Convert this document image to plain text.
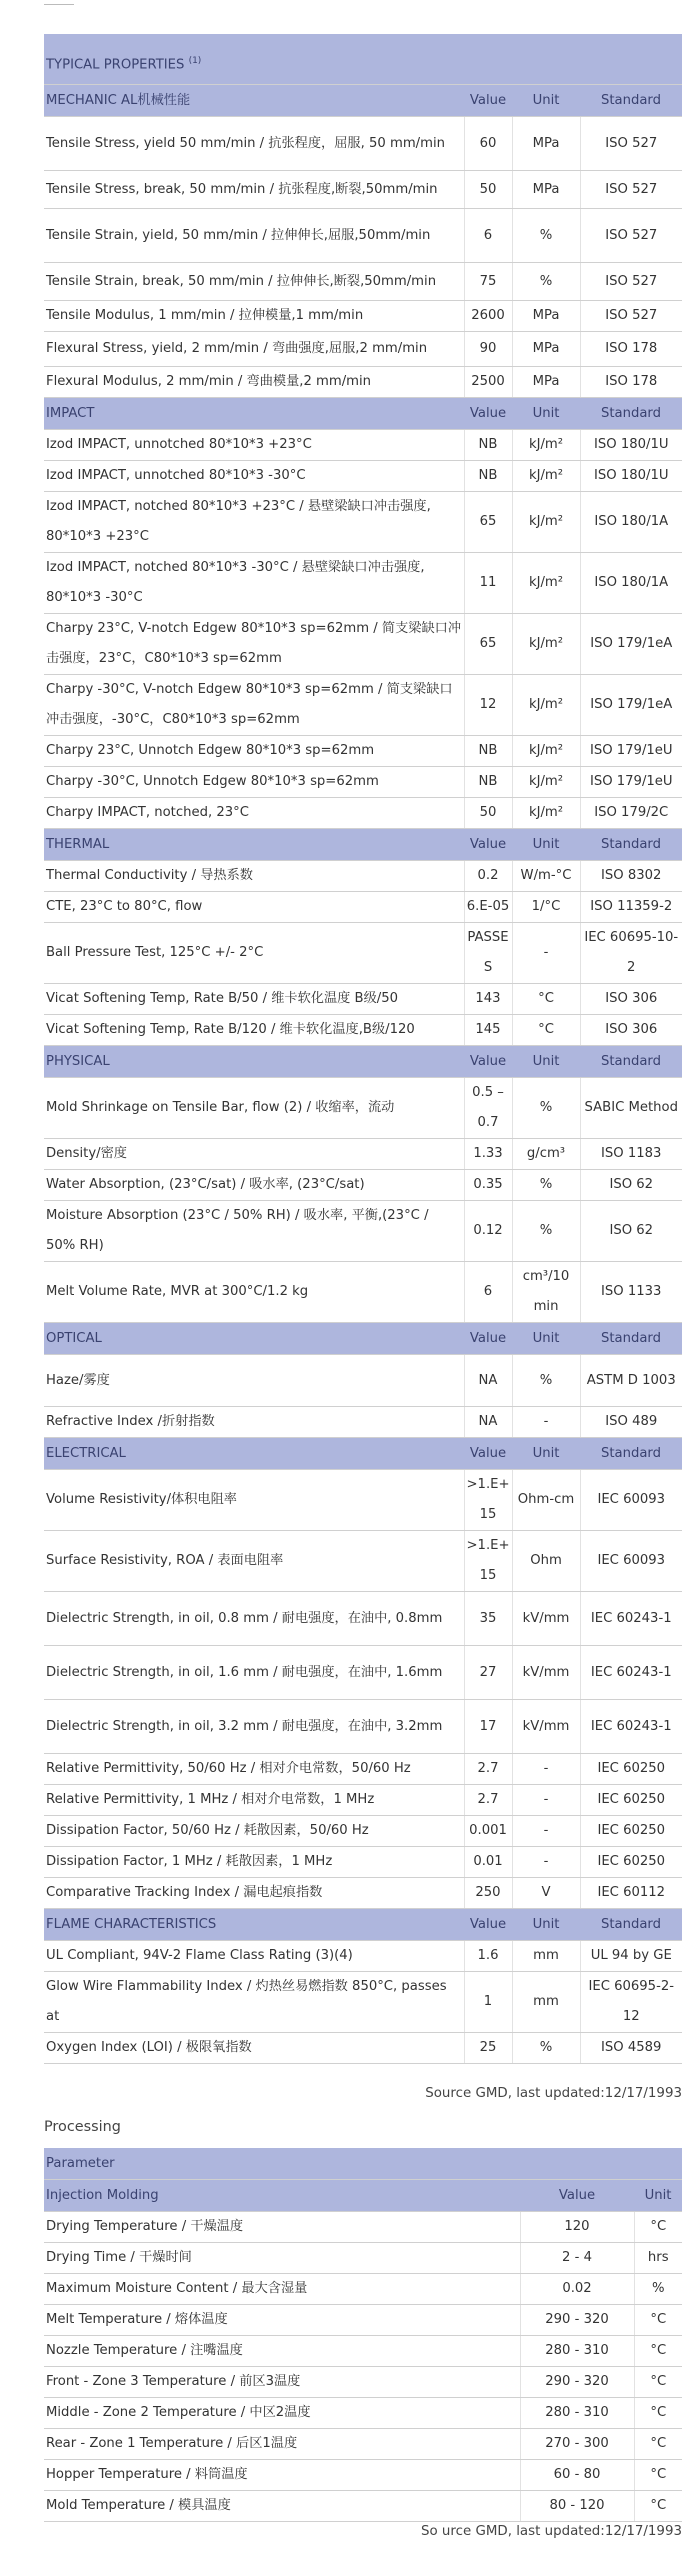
TYPICAL PROPERTIES $^{(1)}$
MECHANIC AL机械性能	Value	Unit	Standard
Tensile Stress, yield 50 mm/min / 抗张程度，屈服, 50 mm/min	60	MPa	ISO 527
Tensile Stress, break, 50 mm/min / 抗张程度,断裂,50mm/min	50	MPa	ISO 527
Tensile Strain, yield, 50 mm/min / 拉伸伸长,屈服,50mm/min	6	%	ISO 527
Tensile Strain, break, 50 mm/min / 拉伸伸长,断裂,50mm/min	75	%	ISO 527
Tensile Modulus, 1 mm/min / 拉伸模量,1 mm/min	2600	MPa	ISO 527
Flexural Stress, yield, 2 mm/min / 弯曲强度,屈服,2 mm/min	90	MPa	ISO 178
Flexural Modulus, 2 mm/min / 弯曲模量,2 mm/min	2500	MPa	ISO 178
IMPACT	Value	Unit	Standard
Izod IMPACT, unnotched 80*10*3 +23°C	NB	kJ/m²	ISO 180/1U
Izod IMPACT, unnotched 80*10*3 -30°C	NB	kJ/m²	ISO 180/1U
Izod IMPACT, notched 80*10*3 +23°C / 悬壁梁缺口冲击强度, 80*10*3 +23°C	65	kJ/m²	ISO 180/1A
Izod IMPACT, notched 80*10*3 -30°C / 悬壁梁缺口冲击强度, 80*10*3 -30°C	11	kJ/m²	ISO 180/1A
Charpy 23°C, V-notch Edgew 80*10*3 sp=62mm / 简支梁缺口冲击强度，23°C，C80*10*3 sp=62mm	65	kJ/m²	ISO 179/1eA
Charpy -30°C, V-notch Edgew 80*10*3 sp=62mm / 简支梁缺口冲击强度，-30°C，C80*10*3 sp=62mm	12	kJ/m²	ISO 179/1eA
Charpy 23°C, Unnotch Edgew 80*10*3 sp=62mm	NB	kJ/m²	ISO 179/1eU
Charpy -30°C, Unnotch Edgew 80*10*3 sp=62mm	NB	kJ/m²	ISO 179/1eU
Charpy IMPACT, notched, 23°C	50	kJ/m²	ISO 179/2C
THERMAL	Value	Unit	Standard
Thermal Conductivity / 导热系数	0.2	W/m-°C	ISO 8302
CTE, 23°C to 80°C, flow	6.E-05	1/°C	ISO 11359-2
Ball Pressure Test, 125°C +/- 2°C	PASSES	-	IEC 60695-10-2
Vicat Softening Temp, Rate B/50 / 维卡软化温度 B级/50	143	°C	ISO 306
Vicat Softening Temp, Rate B/120 / 维卡软化温度,B级/120	145	°C	ISO 306
PHYSICAL	Value	Unit	Standard
Mold Shrinkage on Tensile Bar, flow (2) / 收缩率，流动	0.5 – 0.7	%	SABIC Method
Density/密度	1.33	g/cm³	ISO 1183
Water Absorption, (23°C/sat) / 吸水率, (23°C/sat)	0.35	%	ISO 62
Moisture Absorption (23°C / 50% RH) / 吸水率, 平衡,(23°C / 50% RH)	0.12	%	ISO 62
Melt Volume Rate, MVR at 300°C/1.2 kg	6	cm³/10 min	ISO 1133
OPTICAL	Value	Unit	Standard
Haze/雾度	NA	%	ASTM D 1003
Refractive Index /折射指数	NA	-	ISO 489
ELECTRICAL	Value	Unit	Standard
Volume Resistivity/体积电阻率	>1.E+15	Ohm-cm	IEC 60093
Surface Resistivity, ROA / 表面电阻率	>1.E+15	Ohm	IEC 60093
Dielectric Strength, in oil, 0.8 mm / 耐电强度，在油中, 0.8mm	35	kV/mm	IEC 60243-1
Dielectric Strength, in oil, 1.6 mm / 耐电强度，在油中, 1.6mm	27	kV/mm	IEC 60243-1
Dielectric Strength, in oil, 3.2 mm / 耐电强度，在油中, 3.2mm	17	kV/mm	IEC 60243-1
Relative Permittivity, 50/60 Hz / 相对介电常数，50/60 Hz	2.7	-	IEC 60250
Relative Permittivity, 1 MHz / 相对介电常数，1 MHz	2.7	-	IEC 60250
Dissipation Factor, 50/60 Hz / 耗散因素，50/60 Hz	0.001	-	IEC 60250
Dissipation Factor, 1 MHz / 耗散因素，1 MHz	0.01	-	IEC 60250
Comparative Tracking Index / 漏电起痕指数	250	V	IEC 60112
FLAME CHARACTERISTICS	Value	Unit	Standard
UL Compliant, 94V-2 Flame Class Rating (3)(4)	1.6	mm	UL 94 by GE
Glow Wire Flammability Index / 灼热丝易燃指数 850°C, passes at	1	mm	IEC 60695-2-12
Oxygen Index (LOI) / 极限氧指数	25	%	ISO 4589
Source GMD, last updated:12/17/1993
Processing
Parameter		
Injection Molding	Value	Unit
Drying Temperature / 干燥温度	120	°C
Drying Time / 干燥时间	2 - 4	hrs
Maximum Moisture Content / 最大含湿量	0.02	%
Melt Temperature / 熔体温度	290 - 320	°C
Nozzle Temperature / 注嘴温度	280 - 310	°C
Front - Zone 3 Temperature / 前区3温度	290 - 320	°C
Middle - Zone 2 Temperature / 中区2温度	280 - 310	°C
Rear - Zone 1 Temperature / 后区1温度	270 - 300	°C
Hopper Temperature / 料筒温度	60 - 80	°C
Mold Temperature / 模具温度	80 - 120	°C
So urce GMD, last updated:12/17/1993
